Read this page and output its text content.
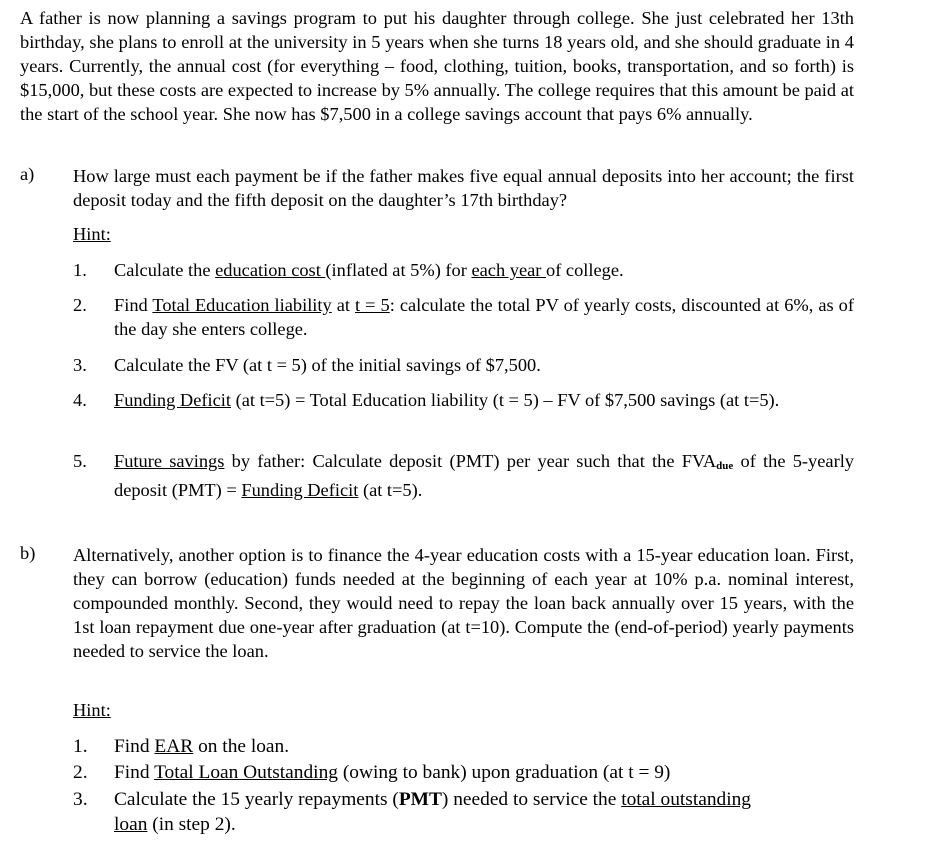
A father is now planning a savings program to put his daughter through college. She just celebrated her 13th birthday, she plans to enroll at the university in 5 years when she turns 18 years old, and she should graduate in 4 years. Currently, the annual cost (for everything – food, clothing, tuition, books, transportation, and so forth) is $15,000, but these costs are expected to increase by 5% annually. The college requires that this amount be paid at the start of the school year. She now has $7,500 in a college savings account that pays 6% annually.
a) How large must each payment be if the father makes five equal annual deposits into her account; the first deposit today and the fifth deposit on the daughter’s 17th birthday?
Hint:
1. Calculate the education cost (inflated at 5%) for each year of college.
2. Find Total Education liability at t = 5: calculate the total PV of yearly costs, discounted at 6%, as of the day she enters college.
3. Calculate the FV (at t = 5) of the initial savings of $7,500.
4. Funding Deficit (at t=5) = Total Education liability (t = 5) – FV of $7,500 savings (at t=5).
5. Future savings by father: Calculate deposit (PMT) per year such that the $FVA_{due}$ of the 5-yearly deposit (PMT) = Funding Deficit (at t=5).
b) Alternatively, another option is to finance the 4-year education costs with a 15-year education loan. First, they can borrow (education) funds needed at the beginning of each year at 10% p.a. nominal interest, compounded monthly. Second, they would need to repay the loan back annually over 15 years, with the 1st loan repayment due one-year after graduation (at t=10). Compute the (end-of-period) yearly payments needed to service the loan.
Hint:
1. Find EAR on the loan.
2. Find Total Loan Outstanding (owing to bank) upon graduation (at t = 9)
3. Calculate the 15 yearly repayments (PMT) needed to service the total outstanding loan (in step 2).
